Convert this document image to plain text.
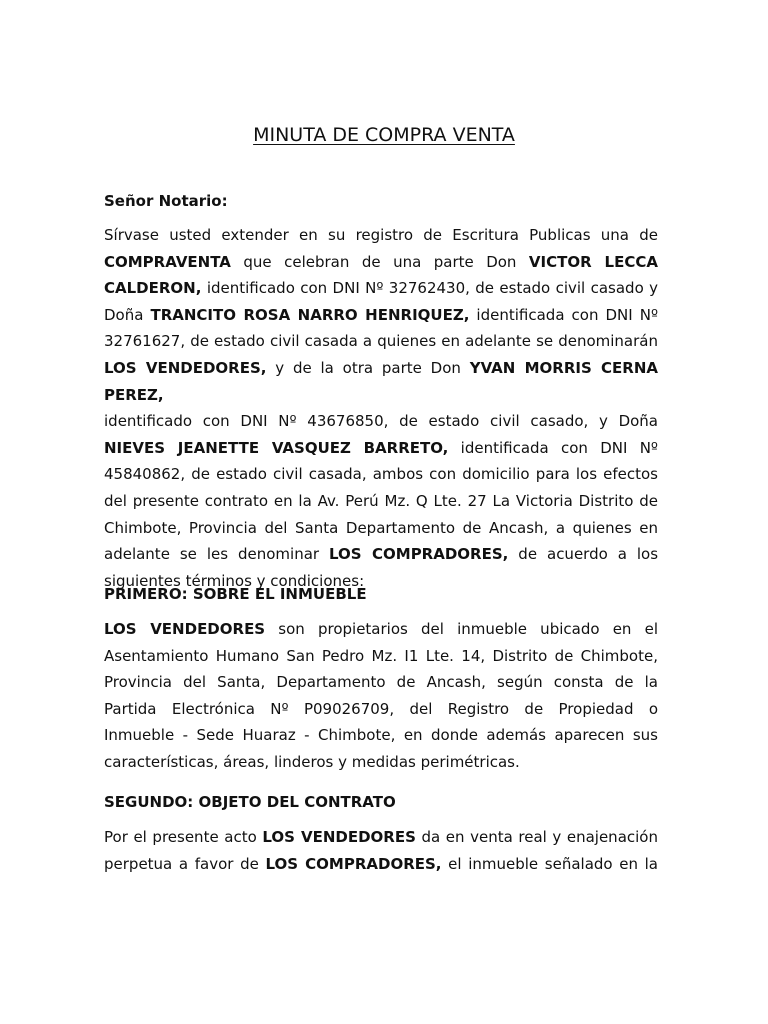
MINUTA DE COMPRA VENTA

Señor Notario:

Sírvase usted extender en su registro de Escritura Publicas una de
COMPRAVENTA que celebran de una parte Don VICTOR LECCA
CALDERON, identificado con DNI Nº 32762430, de estado civil casado y
Doña TRANCITO ROSA NARRO HENRIQUEZ, identificada con DNI Nº
32761627, de estado civil casada a quienes en adelante se denominarán
LOS VENDEDORES, y de la otra parte Don YVAN MORRIS CERNA PEREZ,
identificado con DNI Nº 43676850, de estado civil casado, y Doña
NIEVES JEANETTE VASQUEZ BARRETO, identificada con DNI Nº
45840862, de estado civil casada, ambos con domicilio para los efectos
del presente contrato en la Av. Perú Mz. Q Lte. 27 La Victoria Distrito de
Chimbote, Provincia del Santa Departamento de Ancash, a quienes en
adelante se les denominar LOS COMPRADORES, de acuerdo a los
siguientes términos y condiciones:

PRIMERO: SOBRE EL INMUEBLE

LOS VENDEDORES son propietarios del inmueble ubicado en el
Asentamiento Humano San Pedro Mz. I1 Lte. 14, Distrito de Chimbote,
Provincia del Santa, Departamento de Ancash, según consta de la
Partida Electrónica Nº P09026709, del Registro de Propiedad o
Inmueble - Sede Huaraz - Chimbote, en donde además aparecen sus
características, áreas, linderos y medidas perimétricas.

SEGUNDO: OBJETO DEL CONTRATO

Por el presente acto LOS VENDEDORES da en venta real y enajenación
perpetua a favor de LOS COMPRADORES, el inmueble señalado en la
